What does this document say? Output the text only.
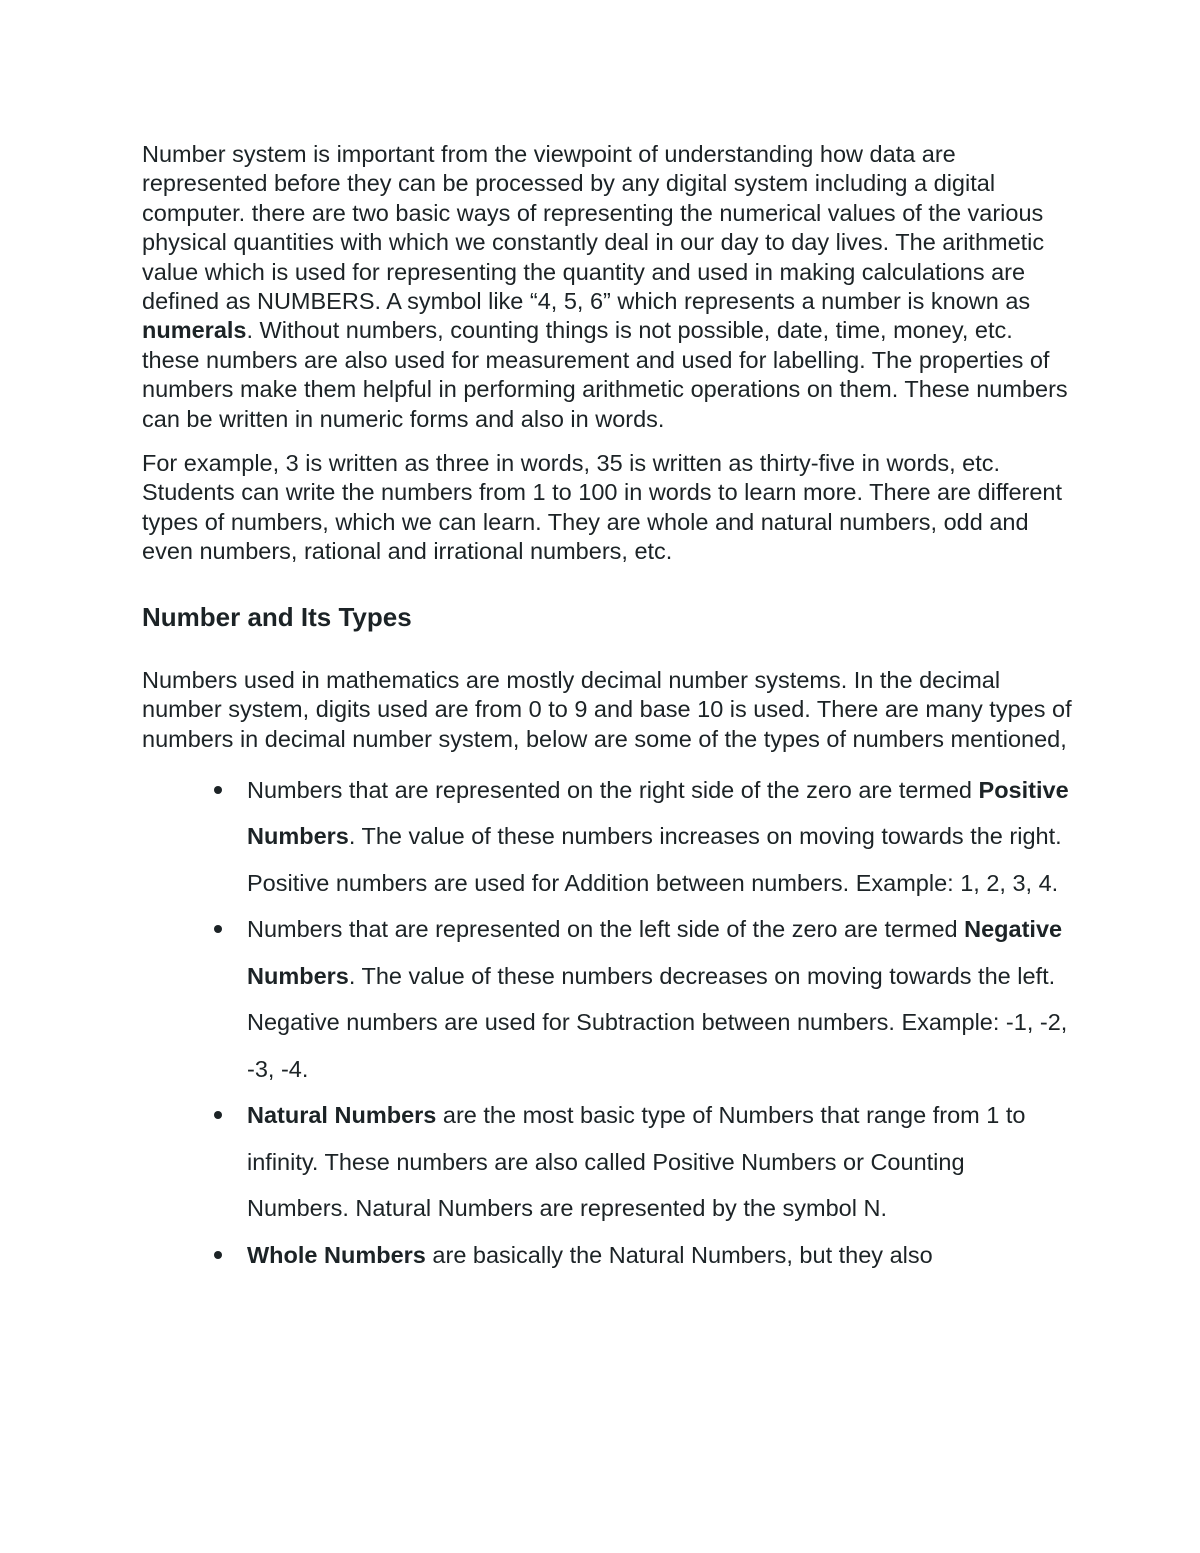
Number system is important from the viewpoint of understanding how data are represented before they can be processed by any digital system including a digital computer. there are two basic ways of representing the numerical values of the various physical quantities with which we constantly deal in our day to day lives. The arithmetic value which is used for representing the quantity and used in making calculations are defined as NUMBERS. A symbol like “4, 5, 6” which represents a number is known as numerals. Without numbers, counting things is not possible, date, time, money, etc. these numbers are also used for measurement and used for labelling. The properties of numbers make them helpful in performing arithmetic operations on them. These numbers can be written in numeric forms and also in words.

For example, 3 is written as three in words, 35 is written as thirty-five in words, etc. Students can write the numbers from 1 to 100 in words to learn more. There are different types of numbers, which we can learn. They are whole and natural numbers, odd and even numbers, rational and irrational numbers, etc.

Number and Its Types

Numbers used in mathematics are mostly decimal number systems. In the decimal number system, digits used are from 0 to 9 and base 10 is used. There are many types of numbers in decimal number system, below are some of the types of numbers mentioned,

Numbers that are represented on the right side of the zero are termed Positive Numbers. The value of these numbers increases on moving towards the right. Positive numbers are used for Addition between numbers. Example: 1, 2, 3, 4.
Numbers that are represented on the left side of the zero are termed Negative Numbers. The value of these numbers decreases on moving towards the left. Negative numbers are used for Subtraction between numbers. Example: -1, -2, -3, -4.
Natural Numbers are the most basic type of Numbers that range from 1 to infinity. These numbers are also called Positive Numbers or Counting Numbers. Natural Numbers are represented by the symbol N.
Whole Numbers are basically the Natural Numbers, but they also
